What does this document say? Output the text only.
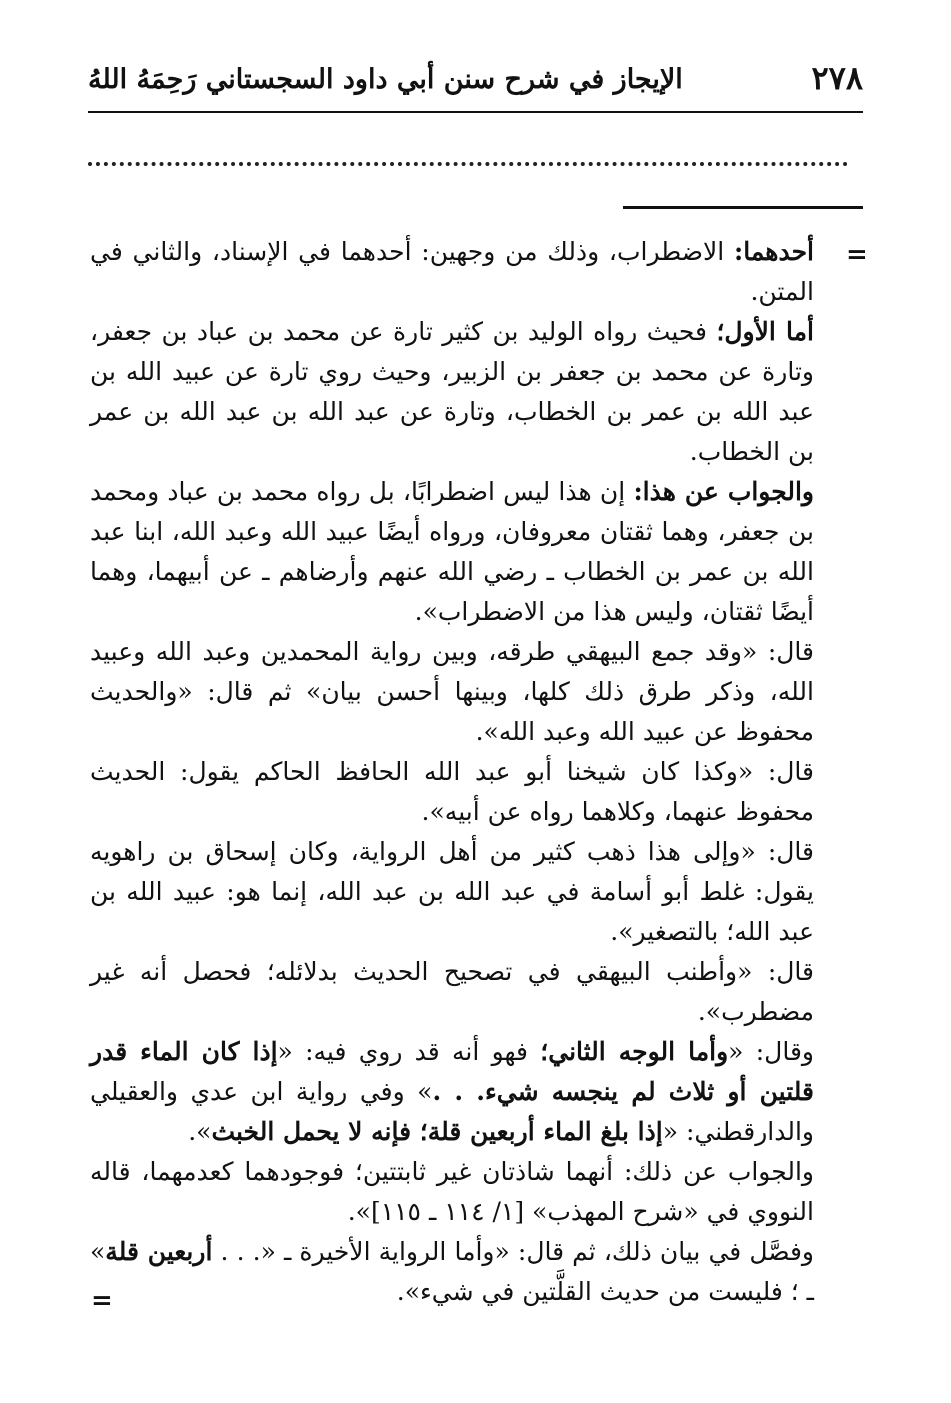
٢٧٨
الإيجاز في شرح سنن أبي داود السجستاني رَحِمَهُ اللهُ
=

أحدهما: الاضطراب، وذلك من وجهين: أحدهما في الإسناد، والثاني في المتن.

أما الأول؛ فحيث رواه الوليد بن كثير تارة عن محمد بن عباد بن جعفر، وتارة عن محمد بن جعفر بن الزبير، وحيث روي تارة عن عبيد الله بن عبد الله بن عمر بن الخطاب، وتارة عن عبد الله بن عبد الله بن عمر بن الخطاب.

والجواب عن هذا: إن هذا ليس اضطرابًا، بل رواه محمد بن عباد ومحمد بن جعفر، وهما ثقتان معروفان، ورواه أيضًا عبيد الله وعبد الله، ابنا عبد الله بن عمر بن الخطاب ـ رضي الله عنهم وأرضاهم ـ عن أبيهما، وهما أيضًا ثقتان، وليس هذا من الاضطراب».

قال: «وقد جمع البيهقي طرقه، وبين رواية المحمدين وعبد الله وعبيد الله، وذكر طرق ذلك كلها، وبينها أحسن بيان» ثم قال: «والحديث محفوظ عن عبيد الله وعبد الله».

قال: «وكذا كان شيخنا أبو عبد الله الحافظ الحاكم يقول: الحديث محفوظ عنهما، وكلاهما رواه عن أبيه».

قال: «وإلى هذا ذهب كثير من أهل الرواية، وكان إسحاق بن راهويه يقول: غلط أبو أسامة في عبد الله بن عبد الله، إنما هو: عبيد الله بن عبد الله؛ بالتصغير».

قال: «وأطنب البيهقي في تصحيح الحديث بدلائله؛ فحصل أنه غير مضطرب».

وقال: «وأما الوجه الثاني؛ فهو أنه قد روي فيه: «إذا كان الماء قدر قلتين أو ثلاث لم ينجسه شيء. . .» وفي رواية ابن عدي والعقيلي والدارقطني: «إذا بلغ الماء أربعين قلة؛ فإنه لا يحمل الخبث».

والجواب عن ذلك: أنهما شاذتان غير ثابتتين؛ فوجودهما كعدمهما، قاله النووي في «شرح المهذب» [١/ ١١٤ ـ ١١٥]».

وفصَّل في بيان ذلك، ثم قال: «وأما الرواية الأخيرة ـ «. . . أربعين قلة» ـ ؛ فليست من حديث القلَّتين في شيء».

=
